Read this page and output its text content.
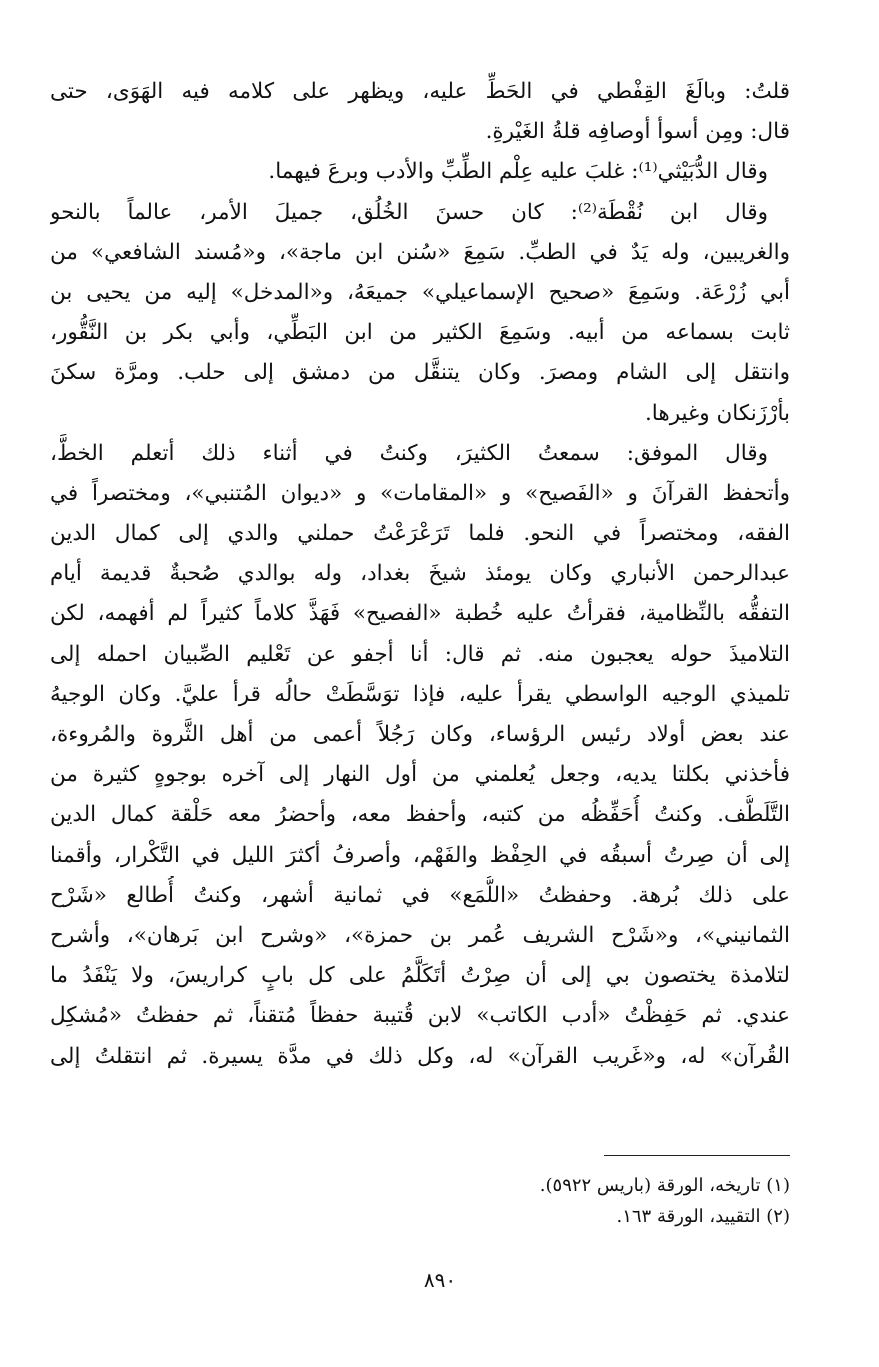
قلتُ: وبالَغَ القِفْطي في الحَطِّ عليه، ويظهر على كلامه فيه الهَوَى، حتى
قال: ومِن أسوأ أوصافِه قلةُ الغَيْرةِ.
وقال الدُّبَيْثي⁽¹⁾: غلبَ عليه عِلْم الطِّبِّ والأدب وبرعَ فيهما.
وقال ابن نُقْطَة⁽²⁾: كان حسنَ الخُلُق، جميلَ الأمر، عالماً بالنحو
والغريبين، وله يَدٌ في الطبِّ. سَمِعَ «سُنن ابن ماجة»، و«مُسند الشافعي» من
أبي زُرْعَة. وسَمِعَ «صحيح الإسماعيلي» جميعَهُ، و«المدخل» إليه من يحيى بن
ثابت بسماعه من أبيه. وسَمِعَ الكثير من ابن البَطِّي، وأبي بكر بن النَّقُّور،
وانتقل إلى الشام ومصرَ. وكان يتنقَّل من دمشق إلى حلب. ومرَّة سكنَ
بأرْزَنكان وغيرها.
وقال الموفق: سمعتُ الكثيرَ، وكنتُ في أثناء ذلك أتعلم الخطَّ،
وأتحفظ القرآنَ و «الفَصيح» و «المقامات» و «ديوان المُتنبي»، ومختصراً في
الفقه، ومختصراً في النحو. فلما تَرَعْرَعْتُ حملني والدي إلى كمال الدين
عبدالرحمن الأنباري وكان يومئذ شيخَ بغداد، وله بوالدي صُحبةٌ قديمة أيام
التفقُّه بالنِّظامية، فقرأتُ عليه خُطبة «الفصيح» فَهَذَّ كلاماً كثيراً لم أفهمه، لكن
التلاميذَ حوله يعجبون منه. ثم قال: أنا أجفو عن تَعْليم الصِّبيان احمله إلى
تلميذي الوجيه الواسطي يقرأ عليه، فإذا توَسَّطَتْ حالُه قرأ عليَّ. وكان الوجيهُ
عند بعض أولاد رئيس الرؤساء، وكان رَجُلاً أعمى من أهل الثَّروة والمُروءة،
فأخذني بكلتا يديه، وجعل يُعلمني من أول النهار إلى آخره بوجوهٍ كثيرة من
التَّلَطُّف. وكنتُ أُحَفِّظُه من كتبه، وأحفظ معه، وأحضرُ معه حَلْقة كمال الدين
إلى أن صِرتُ أسبقُه في الحِفْظ والفَهْم، وأصرفُ أكثرَ الليل في التَّكْرار، وأقمنا
على ذلك بُرهة. وحفظتُ «اللُّمَع» في ثمانية أشهر، وكنتُ أُطالع «شَرْح
الثمانيني»، و«شَرْح الشريف عُمر بن حمزة»، «وشرح ابن بَرهان»، وأشرح
لتلامذة يختصون بي إلى أن صِرْتُ أتَكَلَّمُ على كل بابٍ كراريسَ، ولا يَنْفَدُ ما
عندي. ثم حَفِظْتُ «أدب الكاتب» لابن قُتيبة حفظاً مُتقناً، ثم حفظتُ «مُشكِل
القُرآن» له، و«غَريب القرآن» له، وكل ذلك في مدَّة يسيرة. ثم انتقلتُ إلى
(١) تاريخه، الورقة (باريس ٥٩٢٢).
(٢) التقييد، الورقة ١٦٣.
٨٩٠
